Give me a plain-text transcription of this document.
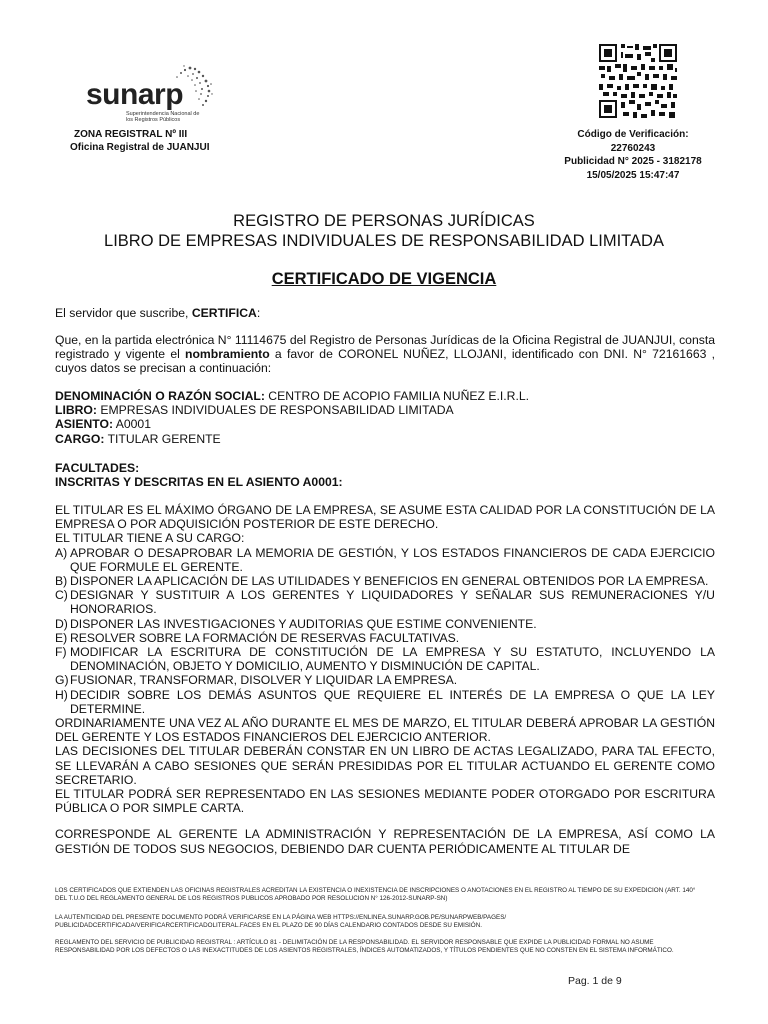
sunarp
Superintendencia Nacional de los Registros Públicos
ZONA REGISTRAL Nº III
Oficina Registral de JUANJUI
Código de Verificación:
22760243
Publicidad N° 2025 - 3182178
15/05/2025 15:47:47
REGISTRO DE PERSONAS JURÍDICAS
LIBRO DE EMPRESAS INDIVIDUALES DE RESPONSABILIDAD LIMITADA
CERTIFICADO DE VIGENCIA
El servidor que suscribe, CERTIFICA:
Que, en la partida electrónica N° 11114675 del Registro de Personas Jurídicas de la Oficina Registral de JUANJUI, consta registrado y vigente el nombramiento a favor de CORONEL NUÑEZ, LLOJANI, identificado con DNI. N° 72161663 , cuyos datos se precisan a continuación:
DENOMINACIÓN O RAZÓN SOCIAL: CENTRO DE ACOPIO FAMILIA NUÑEZ E.I.R.L.
LIBRO: EMPRESAS INDIVIDUALES DE RESPONSABILIDAD LIMITADA
ASIENTO: A0001
CARGO: TITULAR GERENTE
FACULTADES:
INSCRITAS Y DESCRITAS EN EL ASIENTO A0001:
EL TITULAR ES EL MÁXIMO ÓRGANO DE LA EMPRESA, SE ASUME ESTA CALIDAD POR LA CONSTITUCIÓN DE LA EMPRESA O POR ADQUISICIÓN POSTERIOR DE ESTE DERECHO.
EL TITULAR TIENE A SU CARGO:
A) APROBAR O DESAPROBAR LA MEMORIA DE GESTIÓN, Y LOS ESTADOS FINANCIEROS DE CADA EJERCICIO QUE FORMULE EL GERENTE.
B) DISPONER LA APLICACIÓN DE LAS UTILIDADES Y BENEFICIOS EN GENERAL OBTENIDOS POR LA EMPRESA.
C) DESIGNAR Y SUSTITUIR A LOS GERENTES Y LIQUIDADORES Y SEÑALAR SUS REMUNERACIONES Y/U HONORARIOS.
D) DISPONER LAS INVESTIGACIONES Y AUDITORIAS QUE ESTIME CONVENIENTE.
E) RESOLVER SOBRE LA FORMACIÓN DE RESERVAS FACULTATIVAS.
F) MODIFICAR LA ESCRITURA DE CONSTITUCIÓN DE LA EMPRESA Y SU ESTATUTO, INCLUYENDO LA DENOMINACIÓN, OBJETO Y DOMICILIO, AUMENTO Y DISMINUCIÓN DE CAPITAL.
G) FUSIONAR, TRANSFORMAR, DISOLVER Y LIQUIDAR LA EMPRESA.
H) DECIDIR SOBRE LOS DEMÁS ASUNTOS QUE REQUIERE EL INTERÉS DE LA EMPRESA O QUE LA LEY DETERMINE.
ORDINARIAMENTE UNA VEZ AL AÑO DURANTE EL MES DE MARZO, EL TITULAR DEBERÁ APROBAR LA GESTIÓN DEL GERENTE Y LOS ESTADOS FINANCIEROS DEL EJERCICIO ANTERIOR.
LAS DECISIONES DEL TITULAR DEBERÁN CONSTAR EN UN LIBRO DE ACTAS LEGALIZADO, PARA TAL EFECTO, SE LLEVARÁN A CABO SESIONES QUE SERÁN PRESIDIDAS POR EL TITULAR ACTUANDO EL GERENTE COMO SECRETARIO.
EL TITULAR PODRÁ SER REPRESENTADO EN LAS SESIONES MEDIANTE PODER OTORGADO POR ESCRITURA PÚBLICA O POR SIMPLE CARTA.
CORRESPONDE AL GERENTE LA ADMINISTRACIÓN Y REPRESENTACIÓN DE LA EMPRESA, ASÍ COMO LA GESTIÓN DE TODOS SUS NEGOCIOS, DEBIENDO DAR CUENTA PERIÓDICAMENTE AL TITULAR DE
LOS CERTIFICADOS QUE EXTIENDEN LAS OFICINAS REGISTRALES ACREDITAN LA EXISTENCIA O INEXISTENCIA DE INSCRIPCIONES O ANOTACIONES EN EL REGISTRO AL TIEMPO DE SU EXPEDICION (ART. 140° DEL T.U.O DEL REGLAMENTO GENERAL DE LOS REGISTROS PUBLICOS APROBADO POR RESOLUCION N° 126-2012-SUNARP-SN)
LA AUTENTICIDAD DEL PRESENTE DOCUMENTO PODRÁ VERIFICARSE EN LA PÁGINA WEB HTTPS://ENLINEA.SUNARP.GOB.PE/SUNARPWEB/PAGES/ PUBLICIDADCERTIFICADA/VERIFICARCERTIFICADOLITERAL.FACES EN EL PLAZO DE 90 DÍAS CALENDARIO CONTADOS DESDE SU EMISIÓN.
REGLAMENTO DEL SERVICIO DE PUBLICIDAD REGISTRAL : ARTÍCULO 81 - DELIMITACIÓN DE LA RESPONSABILIDAD. EL SERVIDOR RESPONSABLE QUE EXPIDE LA PUBLICIDAD FORMAL NO ASUME RESPONSABILIDAD POR LOS DEFECTOS O LAS INEXACTITUDES DE LOS ASIENTOS REGISTRALES, ÍNDICES AUTOMATIZADOS, Y TÍTULOS PENDIENTES QUE NO CONSTEN EN EL SISTEMA INFORMÁTICO.
Pag. 1 de 9
